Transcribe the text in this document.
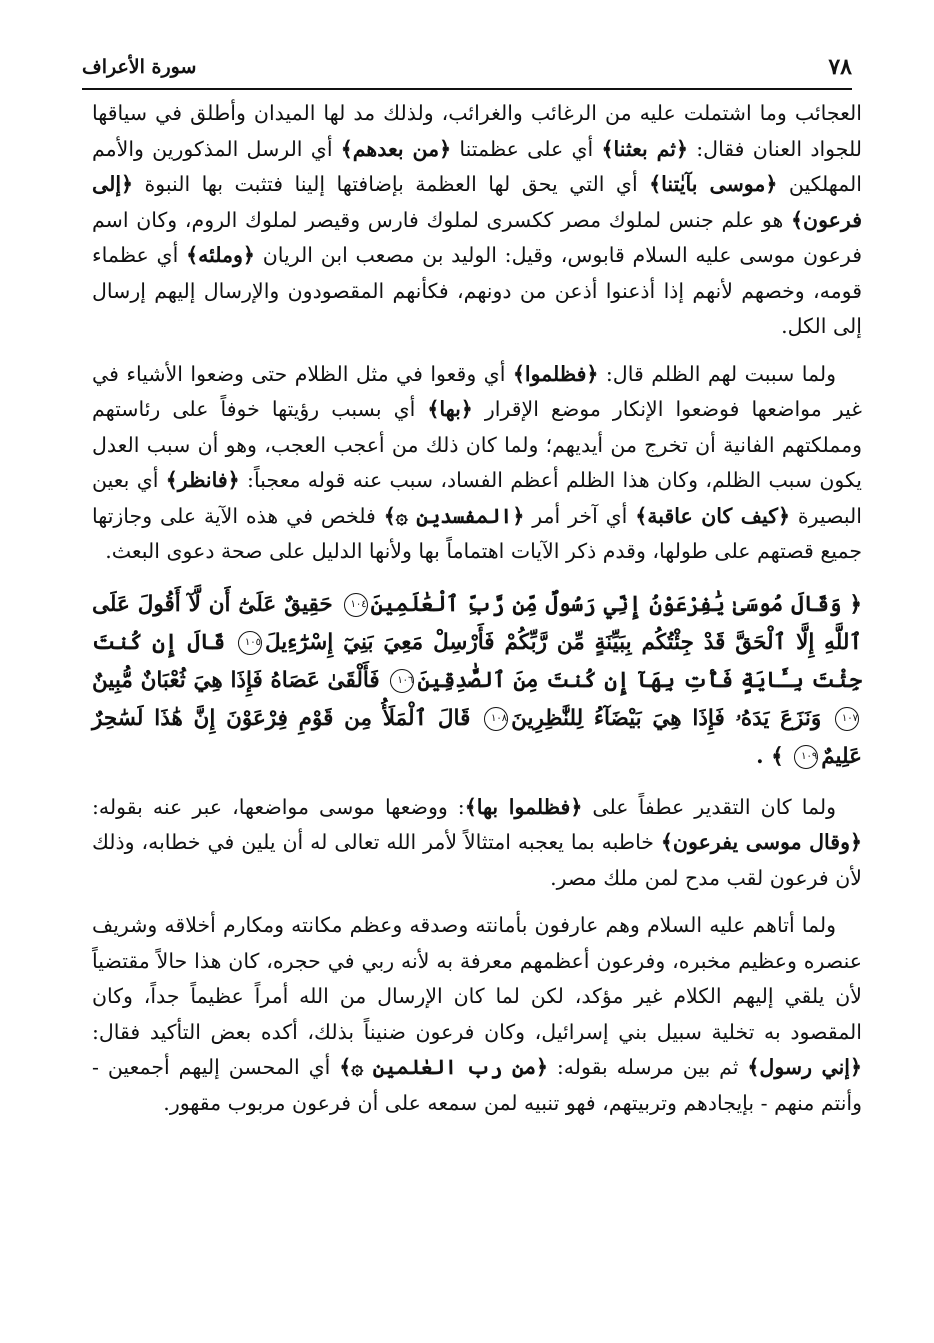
٧٨
سورة الأعراف

العجائب وما اشتملت عليه من الرغائب والغرائب، ولذلك مد لها الميدان وأطلق في سياقها للجواد العنان فقال: ﴿ثم بعثنا﴾ أي على عظمتنا ﴿من بعدهم﴾ أي الرسل المذكورين والأمم المهلكين ﴿موسى بآيٰتنا﴾ أي التي يحق لها العظمة بإضافتها إلينا فتثبت بها النبوة ﴿إلى فرعون﴾ هو علم جنس لملوك مصر ككسرى لملوك فارس وقيصر لملوك الروم، وكان اسم فرعون موسى عليه السلام قابوس، وقيل: الوليد بن مصعب ابن الريان ﴿وملئه﴾ أي عظماء قومه، وخصهم لأنهم إذا أذعنوا أذعن من دونهم، فكأنهم المقصودون والإرسال إليهم إرسال إلى الكل.

ولما سببت لهم الظلم قال: ﴿فظلموا﴾ أي وقعوا في مثل الظلام حتى وضعوا الأشياء في غير مواضعها فوضعوا الإنكار موضع الإقرار ﴿بها﴾ أي بسبب رؤيتها خوفاً على رئاستهم ومملكتهم الفانية أن تخرج من أيديهم؛ ولما كان ذلك من أعجب العجب، وهو أن سبب العدل يكون سبب الظلم، وكان هذا الظلم أعظم الفساد، سبب عنه قوله معجباً: ﴿فانظر﴾ أي بعين البصيرة ﴿كيف كان عاقبة﴾ أي آخر أمر ﴿المفسدين ۞﴾ فلخص في هذه الآية على وجازتها جميع قصتهم على طولها، وقدم ذكر الآيات اهتماماً بها ولأنها الدليل على صحة دعوى البعث.

﴿ وَقَالَ مُوسَىٰ يَٰفِرْعَوْنُ إِنِّي رَسُولٌ مِّن رَّبِّ ٱلْعَٰلَمِينَ١٠٤ حَقِيقٌ عَلَىٰٓ أَن لَّآ أَقُولَ عَلَى ٱللَّهِ إِلَّا ٱلْحَقَّ قَدْ جِئْتُكُم بِبَيِّنَةٍ مِّن رَّبِّكُمْ فَأَرْسِلْ مَعِيَ بَنِيٓ إِسْرَٰٓءِيلَ١٠٥ قَالَ إِن كُنتَ جِئْتَ بِـَٔايَةٍ فَأْتِ بِهَآ إِن كُنتَ مِنَ ٱلصَّٰدِقِينَ١٠٦ فَأَلْقَىٰ عَصَاهُ فَإِذَا هِيَ ثُعْبَانٌ مُّبِينٌ١٠٧ وَنَزَعَ يَدَهُۥ فَإِذَا هِيَ بَيْضَآءُ لِلنَّٰظِرِينَ١٠٨ قَالَ ٱلْمَلَأُ مِن قَوْمِ فِرْعَوْنَ إِنَّ هَٰذَا لَسَٰحِرٌ عَلِيمٌ١٠٩ ﴾ .

ولما كان التقدير عطفاً على ﴿فظلموا بها﴾: ووضعها موسى مواضعها، عبر عنه بقوله: ﴿وقال موسى يفرعون﴾ خاطبه بما يعجبه امتثالاً لأمر الله تعالى له أن يلين في خطابه، وذلك لأن فرعون لقب مدح لمن ملك مصر.

ولما أتاهم عليه السلام وهم عارفون بأمانته وصدقه وعظم مكانته ومكارم أخلاقه وشريف عنصره وعظيم مخبره، وفرعون أعظمهم معرفة به لأنه ربي في حجره، كان هذا حالاً مقتضياً لأن يلقي إليهم الكلام غير مؤكد، لكن لما كان الإرسال من الله أمراً عظيماً جداً، وكان المقصود به تخلية سبيل بني إسرائيل، وكان فرعون ضنيناً بذلك، أكده بعض التأكيد فقال: ﴿إني رسول﴾ ثم بين مرسله بقوله: ﴿من رب العٰلمين ۞﴾ أي المحسن إليهم أجمعين - وأنتم منهم - بإيجادهم وتربيتهم، فهو تنبيه لمن سمعه على أن فرعون مربوب مقهور.
